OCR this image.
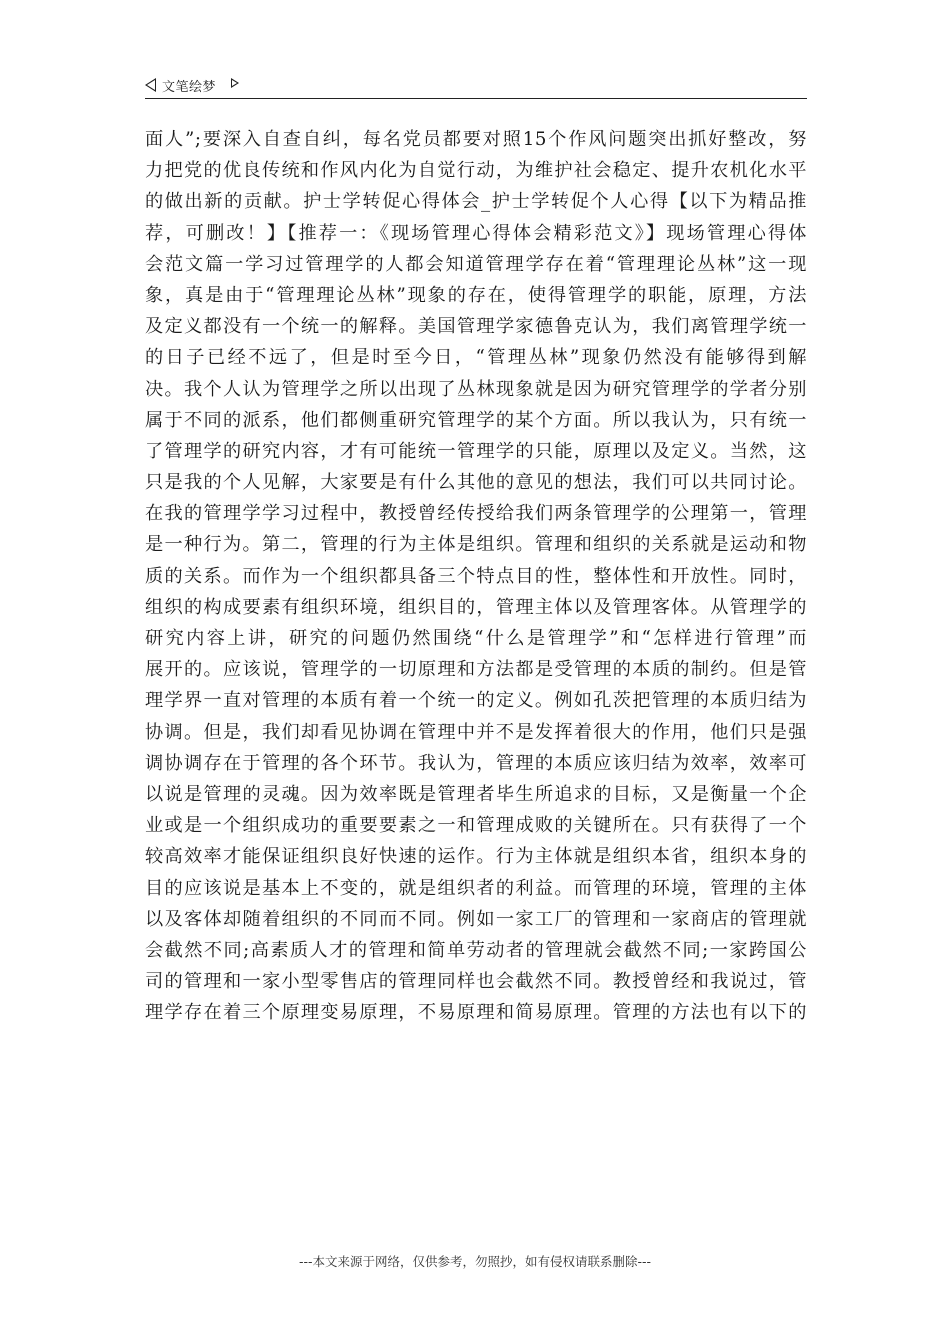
文笔绘梦
面人”;要深入自查自纠，每名党员都要对照15个作风问题突出抓好整改，努
力把党的优良传统和作风内化为自觉行动，为维护社会稳定、提升农机化水平
的做出新的贡献。护士学转促心得体会_护士学转促个人心得【以下为精品推
荐，可删改！】【推荐一：《现场管理心得体会精彩范文》】现场管理心得体
会范文篇一学习过管理学的人都会知道管理学存在着“管理理论丛林”这一现
象，真是由于“管理理论丛林”现象的存在，使得管理学的职能，原理，方法
及定义都没有一个统一的解释。美国管理学家德鲁克认为，我们离管理学统一
的日子已经不远了，但是时至今日，“管理丛林”现象仍然没有能够得到解
决。我个人认为管理学之所以出现了丛林现象就是因为研究管理学的学者分别
属于不同的派系，他们都侧重研究管理学的某个方面。所以我认为，只有统一
了管理学的研究内容，才有可能统一管理学的只能，原理以及定义。当然，这
只是我的个人见解，大家要是有什么其他的意见的想法，我们可以共同讨论。
在我的管理学学习过程中，教授曾经传授给我们两条管理学的公理第一，管理
是一种行为。第二，管理的行为主体是组织。管理和组织的关系就是运动和物
质的关系。而作为一个组织都具备三个特点目的性，整体性和开放性。同时，
组织的构成要素有组织环境，组织目的，管理主体以及管理客体。从管理学的
研究内容上讲，研究的问题仍然围绕“什么是管理学”和“怎样进行管理”而
展开的。应该说，管理学的一切原理和方法都是受管理的本质的制约。但是管
理学界一直对管理的本质有着一个统一的定义。例如孔茨把管理的本质归结为
协调。但是，我们却看见协调在管理中并不是发挥着很大的作用，他们只是强
调协调存在于管理的各个环节。我认为，管理的本质应该归结为效率，效率可
以说是管理的灵魂。因为效率既是管理者毕生所追求的目标，又是衡量一个企
业或是一个组织成功的重要要素之一和管理成败的关键所在。只有获得了一个
较高效率才能保证组织良好快速的运作。行为主体就是组织本省，组织本身的
目的应该说是基本上不变的，就是组织者的利益。而管理的环境，管理的主体
以及客体却随着组织的不同而不同。例如一家工厂的管理和一家商店的管理就
会截然不同;高素质人才的管理和简单劳动者的管理就会截然不同;一家跨国公
司的管理和一家小型零售店的管理同样也会截然不同。教授曾经和我说过，管
理学存在着三个原理变易原理，不易原理和简易原理。管理的方法也有以下的
---本文来源于网络，仅供参考，勿照抄，如有侵权请联系删除---
